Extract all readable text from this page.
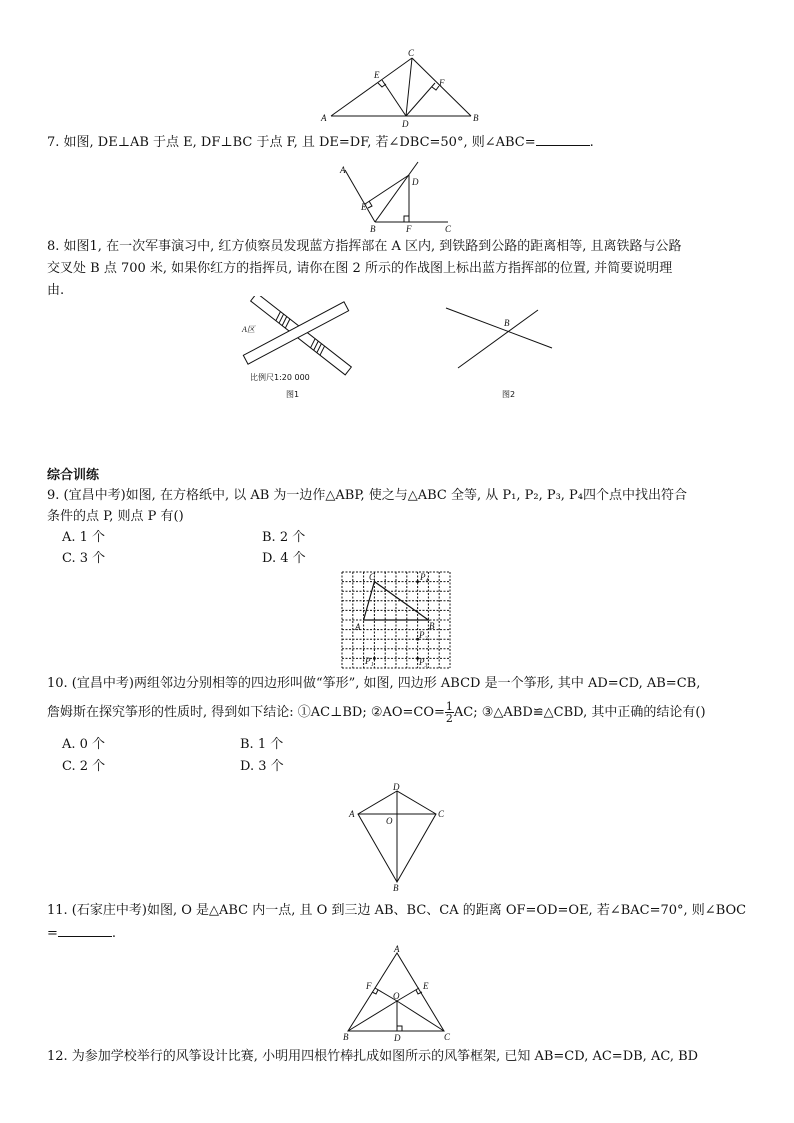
C
E
F
A
D
B
7. 如图, DE⊥AB 于点 E, DF⊥BC 于点 F, 且 DE=DF, 若∠DBC=50°, 则∠ABC=	.
A
D
E
B	F	C
8. 如图1, 在一次军事演习中, 红方侦察员发现蓝方指挥部在 A 区内, 到铁路到公路的距离相等, 且离铁路与公路
交叉处 B 点 700 米, 如果你红方的指挥员, 请你在图 2 所示的作战图上标出蓝方指挥部的位置, 并简要说明理
由.
A区
比例尺1:20 000
图1
B
图2
综合训练
9. (宜昌中考)如图, 在方格纸中, 以 AB 为一边作△ABP, 使之与△ABC 全等, 从 P₁, P₂, P₃, P₄四个点中找出符合
条件的点 P, 则点 P 有()
A. 1 个	B. 2 个
C. 3 个	D. 4 个
C	P₄
A	B
P₂
P₁	P₃
10. (宜昌中考)两组邻边分别相等的四边形叫做“筝形”, 如图, 四边形 ABCD 是一个筝形, 其中 AD=CD, AB=CB,
詹姆斯在探究筝形的性质时, 得到如下结论: ①AC⊥BD; ②AO=CO= $\frac{1}{2}$ AC; ③△ABD≌△CBD, 其中正确的结论有()
A. 0 个	B. 1 个
C. 2 个	D. 3 个
D
A
O
C
B
11. (石家庄中考)如图, O 是△ABC 内一点, 且 O 到三边 AB、BC、CA 的距离 OF=OD=OE, 若∠BAC=70°, 则∠BOC
=	.
A
F	E
O
B	D	C
12. 为参加学校举行的风筝设计比赛, 小明用四根竹棒扎成如图所示的风筝框架, 已知 AB=CD, AC=DB, AC, BD
